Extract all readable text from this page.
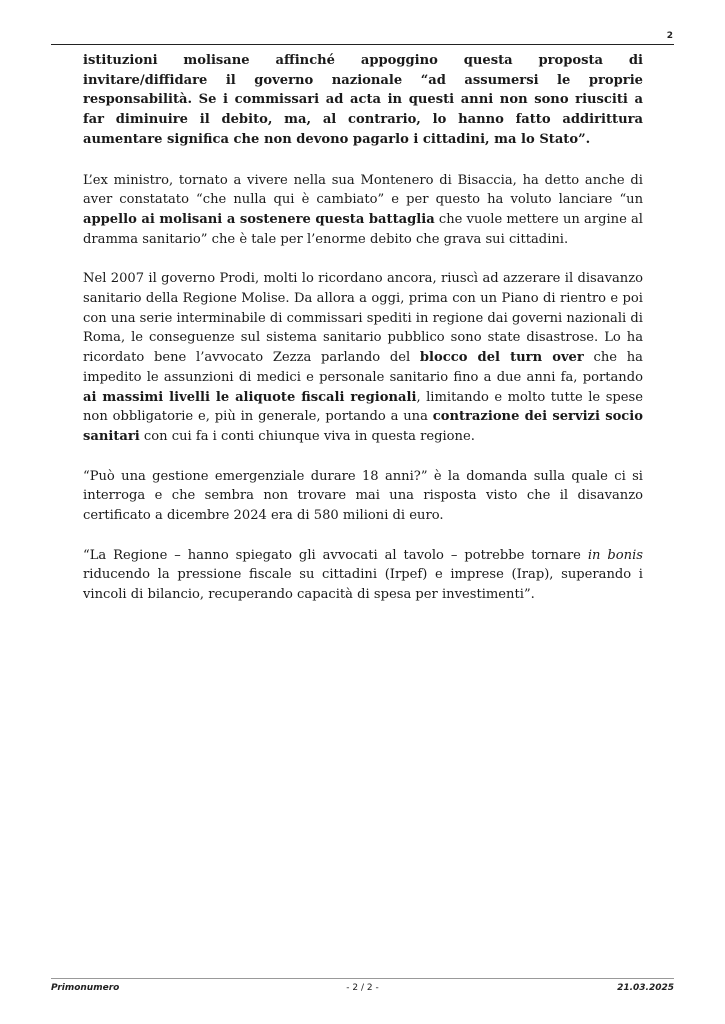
2

istituzioni molisane affinché appoggino questa proposta di invitare/diffidare il governo nazionale “ad assumersi le proprie responsabilità. Se i commissari ad acta in questi anni non sono riusciti a far diminuire il debito, ma, al contrario, lo hanno fatto addirittura aumentare significa che non devono pagarlo i cittadini, ma lo Stato”.

L’ex ministro, tornato a vivere nella sua Montenero di Bisaccia, ha detto anche di aver constatato “che nulla qui è cambiato” e per questo ha voluto lanciare “un appello ai molisani a sostenere questa battaglia che vuole mettere un argine al dramma sanitario” che è tale per l’enorme debito che grava sui cittadini.

Nel 2007 il governo Prodi, molti lo ricordano ancora, riuscì ad azzerare il disavanzo sanitario della Regione Molise. Da allora a oggi, prima con un Piano di rientro e poi con una serie interminabile di commissari spediti in regione dai governi nazionali di Roma, le conseguenze sul sistema sanitario pubblico sono state disastrose. Lo ha ricordato bene l’avvocato Zezza parlando del blocco del turn over che ha impedito le assunzioni di medici e personale sanitario fino a due anni fa, portando ai massimi livelli le aliquote fiscali regionali, limitando e molto tutte le spese non obbligatorie e, più in generale, portando a una contrazione dei servizi socio sanitari con cui fa i conti chiunque viva in questa regione.

“Può una gestione emergenziale durare 18 anni?” è la domanda sulla quale ci si interroga e che sembra non trovare mai una risposta visto che il disavanzo certificato a dicembre 2024 era di 580 milioni di euro.

“La Regione – hanno spiegato gli avvocati al tavolo – potrebbe tornare in bonis riducendo la pressione fiscale su cittadini (Irpef) e imprese (Irap), superando i vincoli di bilancio, recuperando capacità di spesa per investimenti”.

Primonumero	- 2 / 2 -	21.03.2025
